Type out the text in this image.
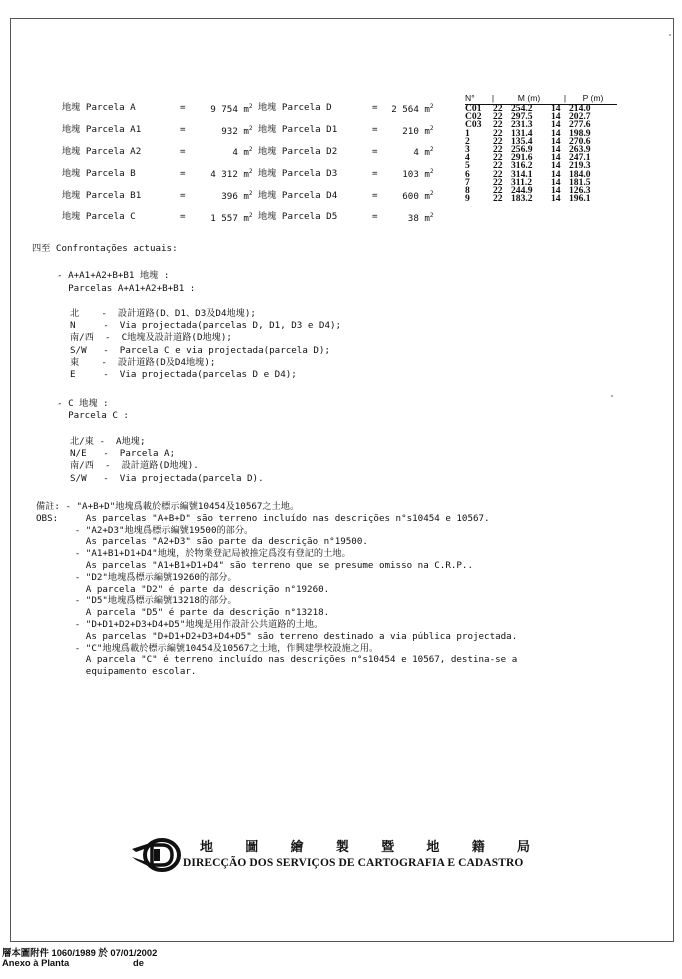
地塊 Parcela A	=	9 754 $m^2$ 地塊 Parcela D	=	2 564 $m^2$
地塊 Parcela A1	=	932 $m^2$ 地塊 Parcela D1	=	210 $m^2$
地塊 Parcela A2	=	4 $m^2$ 地塊 Parcela D2	=	4 $m^2$
地塊 Parcela B	=	4 312 $m^2$ 地塊 Parcela D3	=	103 $m^2$
地塊 Parcela B1	=	396 $m^2$ 地塊 Parcela D4	=	600 $m^2$
地塊 Parcela C	=	1 557 $m^2$ 地塊 Parcela D5	=	38 $m^2$
N°	|	M (m)	|	P (m)
C01	22 254.2	14 214.0
C02	22 297.5	14 202.7
C03	22 231.3	14 277.6
1	22 131.4	14 198.9
2	22 135.4	14 270.6
3	22 256.9	14 263.9
4	22 291.6	14 247.1
5	22 316.2	14 219.3
6	22 314.1	14 184.0
7	22 311.2	14 181.5
8	22 244.9	14 126.3
9	22 183.2	14 196.1
四至 Confrontações actuais:
- A+A1+A2+B+B1 地塊 :
Parcelas A+A1+A2+B+B1 :
北    -  設計道路(D、D1、D3及D4地塊);
N     -  Via projectada(parcelas D, D1, D3 e D4);
南/西  -  C地塊及設計道路(D地塊);
S/W   -  Parcela C e via projectada(parcela D);
東    -  設計道路(D及D4地塊);
E     -  Via projectada(parcelas D e D4);
- C 地塊 :
Parcela C :
北/東 -  A地塊;
N/E   -  Parcela A;
南/西  -  設計道路(D地塊).
S/W   -  Via projectada(parcela D).
備註: - "A+B+D"地塊爲載於標示編號10454及10567之土地。
OBS:     As parcelas "A+B+D" são terreno incluído nas descrições n°s10454 e 10567.
- "A2+D3"地塊爲標示編號19500的部分。
As parcelas "A2+D3" são parte da descrição n°19500.
- "A1+B1+D1+D4"地塊，於物業登記局被推定爲沒有登記的土地。
As parcelas "A1+B1+D1+D4" são terreno que se presume omisso na C.R.P..
- "D2"地塊爲標示編號19260的部分。
A parcela "D2" é parte da descrição n°19260.
- "D5"地塊爲標示編號13218的部分。
A parcela "D5" é parte da descrição n°13218.
- "D+D1+D2+D3+D4+D5"地塊是用作設計公共道路的土地。
As parcelas "D+D1+D2+D3+D4+D5" são terreno destinado a via pública projectada.
- "C"地塊爲載於標示編號10454及10567之土地，作興建學校設施之用。
A parcela "C" é terreno incluído nas descrições n°s10454 e 10567, destina-se a
equipamento escolar.
地 圖 繪 製 暨 地 籍 局
DIRECÇÃO DOS SERVIÇOS DE CARTOGRAFIA E CADASTRO
層本圖附件 1060/1989 於 07/01/2002
Anexo à Planta	de
